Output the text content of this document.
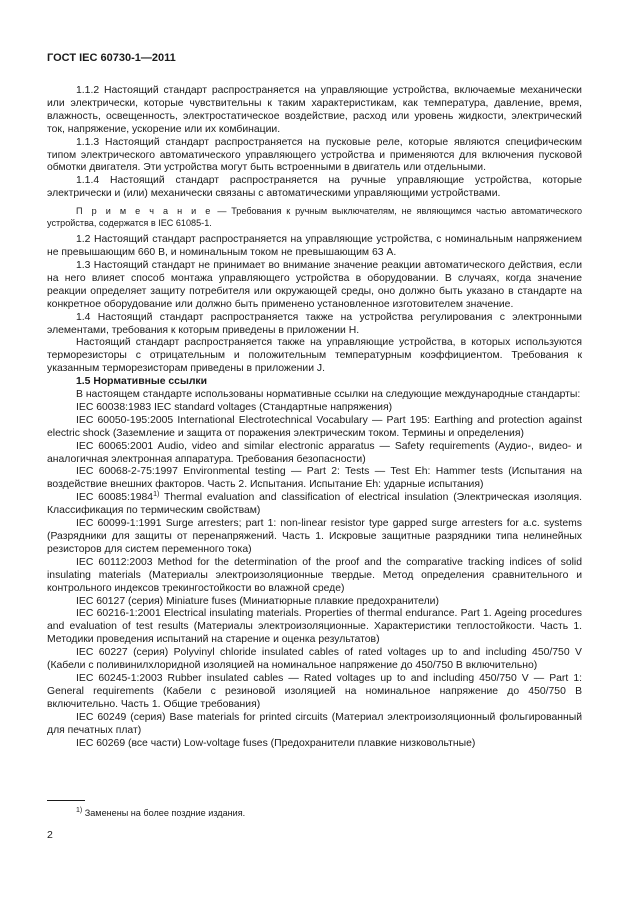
ГОСТ IEC 60730-1—2011

1.1.2 Настоящий стандарт распространяется на управляющие устройства, включаемые механически или электрически, которые чувствительны к таким характеристикам, как температура, давление, время, влажность, освещенность, электростатическое воздействие, расход или уровень жидкости, электрический ток, напряжение, ускорение или их комбинации.

1.1.3 Настоящий стандарт распространяется на пусковые реле, которые являются специфическим типом электрического автоматического управляющего устройства и применяются для включения пусковой обмотки двигателя. Эти устройства могут быть встроенными в двигатель или отдельными.

1.1.4 Настоящий стандарт распространяется на ручные управляющие устройства, которые электрически и (или) механически связаны с автоматическими управляющими устройствами.

П р и м е ч а н и е — Требования к ручным выключателям, не являющимся частью автоматического устройства, содержатся в IEC 61085-1.

1.2 Настоящий стандарт распространяется на управляющие устройства, с номинальным напряжением не превышающим 660 В, и номинальным током не превышающим 63 А.

1.3 Настоящий стандарт не принимает во внимание значение реакции автоматического действия, если на него влияет способ монтажа управляющего устройства в оборудовании. В случаях, когда значение реакции определяет защиту потребителя или окружающей среды, оно должно быть указано в стандарте на конкретное оборудование или должно быть применено установленное изготовителем значение.

1.4 Настоящий стандарт распространяется также на устройства регулирования с электронными элементами, требования к которым приведены в приложении Н.

Настоящий стандарт распространяется также на управляющие устройства, в которых используются терморезисторы с отрицательным и положительным температурным коэффициентом. Требования к указанным терморезисторам приведены в приложении J.

1.5 Нормативные ссылки

В настоящем стандарте использованы нормативные ссылки на следующие международные стандарты:

IEC 60038:1983 IEC standard voltages (Стандартные напряжения)

IEC 60050-195:2005 International Electrotechnical Vocabulary — Part 195: Earthing and protection against electric shock (Заземление и защита от поражения электрическим током. Термины и определения)

IEC 60065:2001 Audio, video and similar electronic apparatus — Safety requirements (Аудио-, видео- и аналогичная электронная аппаратура. Требования безопасности)

IEC 60068-2-75:1997 Environmental testing — Part 2: Tests — Test Eh: Hammer tests (Испытания на воздействие внешних факторов. Часть 2. Испытания. Испытание Eh: ударные испытания)

IEC 60085:1984$^{1)}$ Thermal evaluation and classification of electrical insulation (Электрическая изоляция. Классификация по термическим свойствам)

IEC 60099-1:1991 Surge arresters; part 1: non-linear resistor type gapped surge arresters for a.c. systems (Разрядники для защиты от перенапряжений. Часть 1. Искровые защитные разрядники типа нелинейных резисторов для систем переменного тока)

IEC 60112:2003 Method for the determination of the proof and the comparative tracking indices of solid insulating materials (Материалы электроизоляционные твердые. Метод определения сравнительного и контрольного индексов трекингостойкости во влажной среде)

IEC 60127 (серия) Miniature fuses (Миниатюрные плавкие предохранители)

IEC 60216-1:2001 Electrical insulating materials. Properties of thermal endurance. Part 1. Ageing procedures and evaluation of test results (Материалы электроизоляционные. Характеристики теплостойкости. Часть 1. Методики проведения испытаний на старение и оценка результатов)

IEC 60227 (серия) Polyvinyl chloride insulated cables of rated voltages up to and including 450/750 V (Кабели с поливинилхлоридной изоляцией на номинальное напряжение до 450/750 В включительно)

IEC 60245-1:2003 Rubber insulated cables — Rated voltages up to and including 450/750 V — Part 1: General requirements (Кабели с резиновой изоляцией на номинальное напряжение до 450/750 В включительно. Часть 1. Общие требования)

IEC 60249 (серия) Base materials for printed circuits (Материал электроизоляционный фольгированный для печатных плат)

IEC 60269 (все части) Low-voltage fuses (Предохранители плавкие низковольтные)

$^{1)}$ Заменены на более поздние издания.
2
